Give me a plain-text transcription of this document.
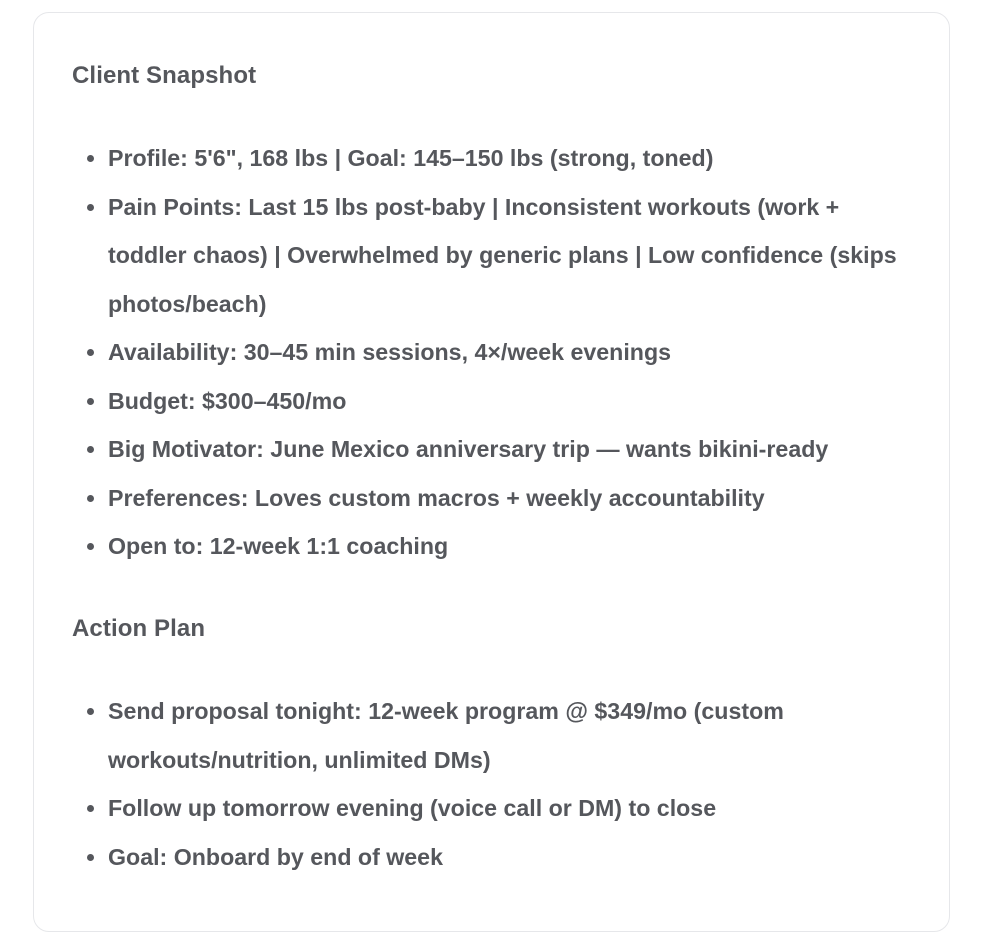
Client Snapshot
Profile: 5'6", 168 lbs | Goal: 145–150 lbs (strong, toned)
Pain Points: Last 15 lbs post-baby | Inconsistent workouts (work + toddler chaos) | Overwhelmed by generic plans | Low confidence (skips photos/beach)
Availability: 30–45 min sessions, 4×/week evenings
Budget: $300–450/mo
Big Motivator: June Mexico anniversary trip — wants bikini-ready
Preferences: Loves custom macros + weekly accountability
Open to: 12-week 1:1 coaching
Action Plan
Send proposal tonight: 12-week program @ $349/mo (custom workouts/nutrition, unlimited DMs)
Follow up tomorrow evening (voice call or DM) to close
Goal: Onboard by end of week
